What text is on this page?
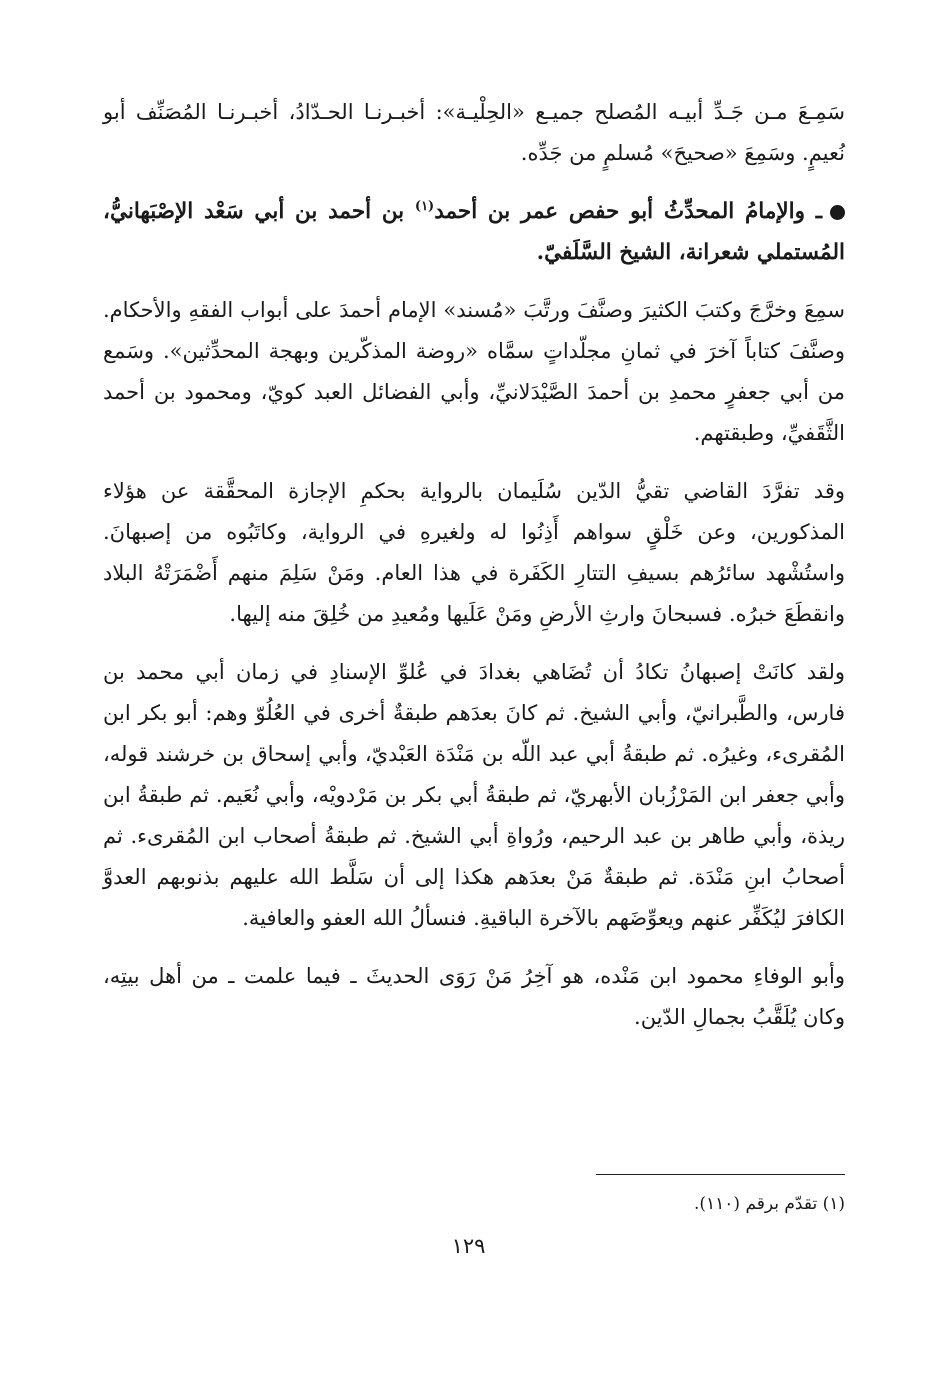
سَمِـعَ مـن جَـدِّ أبيـه المُصلح جميـع «الحِلْيـة»: أخبـرنـا الحـدّادُ، أخبـرنـا المُصَنِّف أبو نُعيمٍ. وسَمِعَ «صحيحَ» مُسلمٍ من جَدِّه.

ـ والإمامُ المحدِّثُ أبو حفص عمر بن أحمد$^{(١)}$ بن أحمد بن أبي سَعْد الإصْبَهانيُّ، المُستملي شعرانة، الشيخ السَّلَفيّ.

سمِعَ وخرَّجَ وكتبَ الكثيرَ وصنَّفَ ورتَّبَ «مُسند» الإمام أحمدَ على أبواب الفقهِ والأحكام. وصنَّفَ كتاباً آخرَ في ثمانِ مجلّداتٍ سمَّاه «روضة المذكّرين وبهجة المحدِّثين». وسَمع من أبي جعفرٍ محمدِ بن أحمدَ الصَّيْدَلانيِّ، وأبي الفضائل العبد كويّ، ومحمود بن أحمد الثَّقَفيِّ، وطبقتهم.

وقد تفرَّدَ القاضي تقيُّ الدّين سُلَيمان بالرواية بحكمِ الإجازة المحقَّقة عن هؤلاء المذكورين، وعن خَلْقٍ سواهم أَذِنُوا له ولغيرهِ في الرواية، وكاتَبُوه من إصبهانَ. واستُشْهد سائرُهم بسيفِ التتارِ الكَفَرة في هذا العام. ومَنْ سَلِمَ منهم أَضْمَرَتْهُ البلاد وانقطَعَ خبرُه. فسبحانَ وارثِ الأرضِ ومَنْ عَلَيها ومُعيدِ من خُلِقَ منه إليها.

ولقد كانَتْ إصبهانُ تكادُ أن تُضَاهي بغدادَ في عُلوِّ الإسنادِ في زمان أبي محمد بن فارس، والطَّبرانيّ، وأبي الشيخ. ثم كانَ بعدَهم طبقةٌ أخرى في العُلُوّ وهم: أبو بكر ابن المُقرىء، وغيرُه. ثم طبقةُ أبي عبد اللّه بن مَنْدَة العَبْديّ، وأبي إسحاق بن خرشند قوله، وأبي جعفر ابن المَرْزُبان الأبهريّ، ثم طبقةُ أبي بكر بن مَرْدويْه، وأبي نُعَيم. ثم طبقةُ ابن ريذة، وأبي طاهر بن عبد الرحيم، ورُواةِ أبي الشيخ. ثم طبقةُ أصحاب ابن المُقرىء. ثم أصحابُ ابنِ مَنْدَة. ثم طبقةٌ مَنْ بعدَهم هكذا إلى أن سَلَّط الله عليهم بذنوبهم العدوَّ الكافرَ ليُكَفِّر عنهم ويعوِّضَهم بالآخرة الباقيةِ. فنسألُ الله العفو والعافية.

وأبو الوفاءِ محمود ابن مَنْده، هو آخِرُ مَنْ رَوَى الحديثَ ـ فيما علمت ـ من أهل بيتِه، وكان يُلَقَّبُ بجمالِ الدّين.

(١) تقدّم برقم (١١٠).
١٢٩
